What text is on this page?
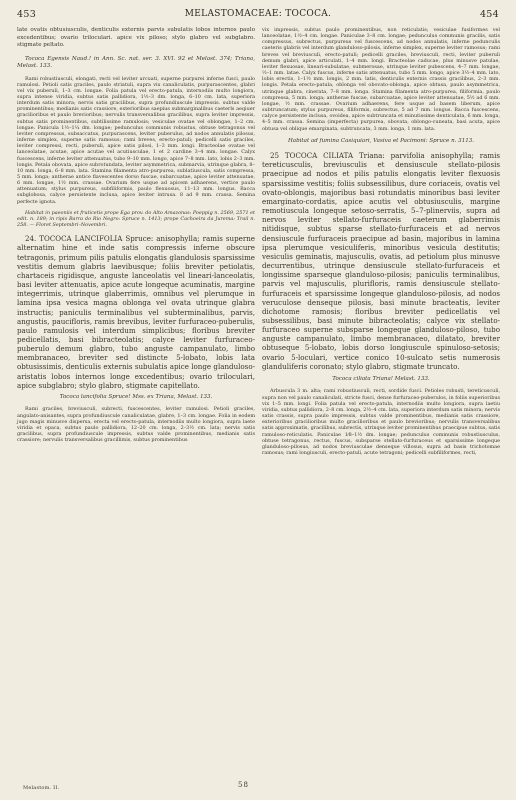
453	MELASTOMACEAE: TOCOCA.	454

late ovatis obtusiusculis, denticulis externis parvis subulatis lobos internos paulo excedentibus; ovario triloculari. apice vix piloso; stylo glabro vel subglabro. stigmate peltato.

Tococa Egensis Naud.! in Ann. Sc. nat. ser. 3. XVI. 92 et Melast. 374; Triana, Melast. 133.

Rami robustiusculi, elongati, recti vel leviter arcuati, superne purpurei inferne fusci, paulo ramulosi. Petioli satis graciles, paulo striatuli, supra vix canaliculatis, purpurascentes, glabri vel vix puberuli, 1–3 cm. longae. Folia patula vel erecto-patula, internodiis multo longiora, supra intense viridia, subtus satis pallidiora, 1½–3 dm. longa, 6–10 cm. lata, superiora interdum satis minora; nervis satis gracilibus, supra profundiuscule impressis. subtus valde prominentibus; medianis satis crassiore, exterioribus saepius submarginalibus caeterls aeqiuer gracilioribus et paulo brevioribus; nervulis transversalibus gracilibus, supra leviter impressis, subtus satis prominentibus, subtilissime ramulosis; vesiculae ovatae vel oblongae, 1–2 cm. longae. Panicula 1½–1¼ dm. longae; pedunculus communis robustus, obtuse tetragonus vel leviter compressus, subsaccatus, purpurascens, leviter puberulus, ad nodos annulatis pilosus, inferne simplex, superne satis ramosus; rami breves, erecto-patuli; pedicelli satis graciles, leviter compressi, recti, puberuli, apice satis pilosi, 1–3 mm. longi. Bracteolae ovatae vel lanceolatae, acutae, apice acutae vel acutiusculae, 1 et 2 cardine 3–4 mm. longae. Calyx fuscescens, inferne leviter attenuatus, tubo 9–10 mm. longo, apice 7–8 mm. lato, lobis 2–3 mm. longis. Petala obovata, apice subrotundata, leviter asymmetrica, submarvia, utrinque glabra, 8–10 mm. longa, 6–8 mm. lata. Stamina filamenta atro-purpurea, sublatiuscula, satis compressa, 5 mm. longa; antherae antice flavescentes dorso fuscae, subarcuatae, apice leviter attenuatae, 6 mm. longae, 1½ mm. crassae. Ovarium fere usque ad apicem adhaerens, vertice paulo attenuatum; stylus purpureus, subfiliformis, paulo flexuosus, 11–13 mm. longus. Bacca subglobosa, calyce persistente inclusa, apice leviter intrusa. 8 ad 9 mm. crassa. Semina perfecte ignota.

Habitat in paeoniis et fruticetis prope Ega prov. do Alto Amazonas: Poeppig n. 2569, 2571 et edit. n. 189; in ripis Barra do Rio Negro: Spruce n. 1413; prope Cachoeira da Jurema: Trail n. 258. — Floret Septembri–Novembri.

24. TOCOCA LANCIFOLIA Spruce: anisophylla; ramis superne alternatim hine et inde satis compressis inferne obscure tetragonis, primum pilis patulis elongatis glandulosis sparsissime vestitis demum glabris laevibusque; foliis breviter petiolatis, chartaceis rigidisque, anguste lanceolatis vel lineari-lanceolatis, basi leviter attenuatis, apice acute longeque acuminatis, margine integerrimis, utrinque glaberrimis, omnibus vel plerumque in lamina ipsa vesica magna oblonga vel ovata utrinque glabra instructis; paniculis terminalibus vel subterminalibus, parvis, angustis, paucifloris, ramis brevibus, leviter furfuraceo-puberulis, paulo ramulosis vel interdum simplicibus; floribus breviter pedicellatis, basi bibracteolatis; calyce leviter furfuraceo-puberulo demum glabro, tubo anguste campanulato, limbo membranaceo, breviter sed distincte 5-lobato, lobis lata obtusissimis, denticulis externis subulatis apice longe glanduloso-aristatis lobos internos longe excedentibus; ovario triloculari, apice subglabro; stylo glabro, stigmate capitellato.

Tococa lancifolia Spruce! Mss. ex Triana, Melast. 133.

Rami graciles, breviusculi, subrecti, fuscescentes, leviter ramulosi. Petioli graciles, angulato-anisantes, supra profundiuscule canaliculatae, glabre, 1–3 cm. longae. Folia in eodem jugo magis minusve dispersa, erecta vel erecto-patula, internodiis multo longiora, supra laete viridia et opaca, subtus paulo pallidiora, 12–20 cm. longa, 2–3½ cm. lata; nervis satis gracilibus, supra profundiuscule impressis, subtus valde prominentibus, medianis satis crassiore; nervulis transversalibus gracillimis, subtus prominentibus

vix impressis, subtus paulo prominentibus, non reticulatis; vesiculae fusiformes vel lanceolatae, 1½–4 cm. longae. Paniculae 3–8 cm. longae; pedunculus communis gracilis, satis compressus, subrectus, purpureus vel fuscescens, ad nodos annulatis, inferne pedunculis caeteris glabris vel interdum glanduloso-pilosis, inferne simplex, superne leviter ramosus; rami breves vel breviusculi, erecto-patuli; pedicelli graciles, breviusculi, recti, leviter puberuli demum glabri, apice articulati, 1–4 mm. longi. Bracteolae caducae, plus minusve patulae, leviter flexuosae, lineari-subulatae, submerosae, utrinque leviter pubescens, 4–7 mm. longae, ½–1 mm. latae. Calyx fuscus, inferne satis attenuatus, tubo 5 mm. longo, apice 3½–4 mm. lato, lobis erectis, 1–1½ mm. longis, 2 mm. latis, denticulis externis crassis gracilibus, 2–3 mm. longis. Petala erecto-patula, oblonga vel obovato-oblonga, apice obtusa, paulo asymmetrica, utrinque glabra, cinerata, 7–8 mm. longa. Stamina filamenta atro-purpurea, filiformia, paulo compressa, 5 mm. longa; antherae fuscae, subarcuatae, apice leviter attenuatae, 5½ ad 6 mm. longae, ½ mm. crassae. Ovarium adhaerens, fere usque ad basem liberum, apice subtruncatum; stylus purpureus, filiformis, subrectus, 5 ad 7 mm. longus. Bacca fuscescens, calyce persistente inclusa, ovoidea, apice subtruncata et minutissime denticulata, 6 mm. longa, 4–5 mm. crassa. Semina (imperfecta) purpurea, obovata, oblongo-cuneata, basi acuta, apice obtusa vel oblique emarginata, subtruncata, 3 mm. longa, 1 mm. lata.

Habitat ad fumina Casiquiari, Vasiva et Pacimoni: Spruce n. 3113.

25 TOCOCA CILIATA Triana: parvifolia anisophylla; ramis tereticusculis, breviusculis et densiuscule stellato-pilosis praecipue ad nodos et pilis patulis elongatis leviter flexuosis sparsissime vestitis; foliis subsessilibus, dure coriaceis, ovatis vel ovato-oblongis, majoribus basi rotundatis minoribus basi leviter emarginato-cordatis, apice acutis vel obtusiusculis, margine remotiuscula longeque setoso-serratis, 5–7-plinerviis, supra ad nervos leviter stellato-furfuraceis caeterum glaberrimis nitidisque, subtus sparse stellato-furfuraceis et ad nervos densiuscule furfuraceis praecipue ad basin, majoribus in lamina ipsa plerumque vesiculiferis, minoribus vesicula destitutis; vesiculis geminatis, majusculis, ovatis, ad petiolum plus minusve decurrentibus, utrinque densiuscule stellato-furfuraceis et longissime sparseque glanduloso-pilosis; paniculis terminalibus, parvis vel majusculis, plurifloris, ramis densiuscule stellato-furfuraceis et sparsissime longeque glanduloso-pilosis, ad nodos veruculose denseque pilosis, basi minute bracteatis, leviter dichotome ramosis; floribus breviter pedicellatis vel subsessilibus, basi minute bibracteolatis; calyce vix stellato-furfuraceo superne subsparse longeque glanduloso-piloso, tubo anguste campanulato, limbo membranaceo, dilatato, breviter obtuseque 5-lobato, lobis dorso longiuscule spinuloso-setosis; ovario 5-loculari, vertice conico 10-sulcato setis numerosis glanduliferis coronato; stylo glabro, stigmate truncato.

Tococa ciliata Triana! Melast. 133.

Arbuscula 3 m. alta; rami robustiusculi, recti, sordide fusci. Petioles robusti, tereticusculi, supra non vel paulo canaliculati, stricte fusci, dense furfuraceo-puberulos, in foliis superioribus vix 1–5 mm. longi. Folia patula vel erecto-patula, internodiis multo longiora, supra laetiu viridia, subtus pallidiora, 2–8 cm. longa, 2½–4 cm. lata, superiora interdum satis minora; nervis satis crassis, supra paulo impressis, subtus valde prominentibus, medianis satis crassiore, exterioribus gracilioribus multo gracilioribus et paulo brevioribus; nervulis transversalibus satis approximatis, gracilibus, subrectis, utrinque leviter prominentibus praecipue subtus, satis ramuloso-reticulatis. Paniculae 1⁄8–1½ dm. longae; pedunculus communis robustiusculus, obtuse tetragonus, rectus, fuscus, subsparse stellato-furfuraceus et sparsissime longeque glanduloso-pilosus, ad nodos breviusculae denseque villosus, supra ad basis trichotomae ramosus; rami longiusculi, erecto-patuli, acute tetragoni; pedicelli subfiliformes, recti,

Melastom. II.	58
